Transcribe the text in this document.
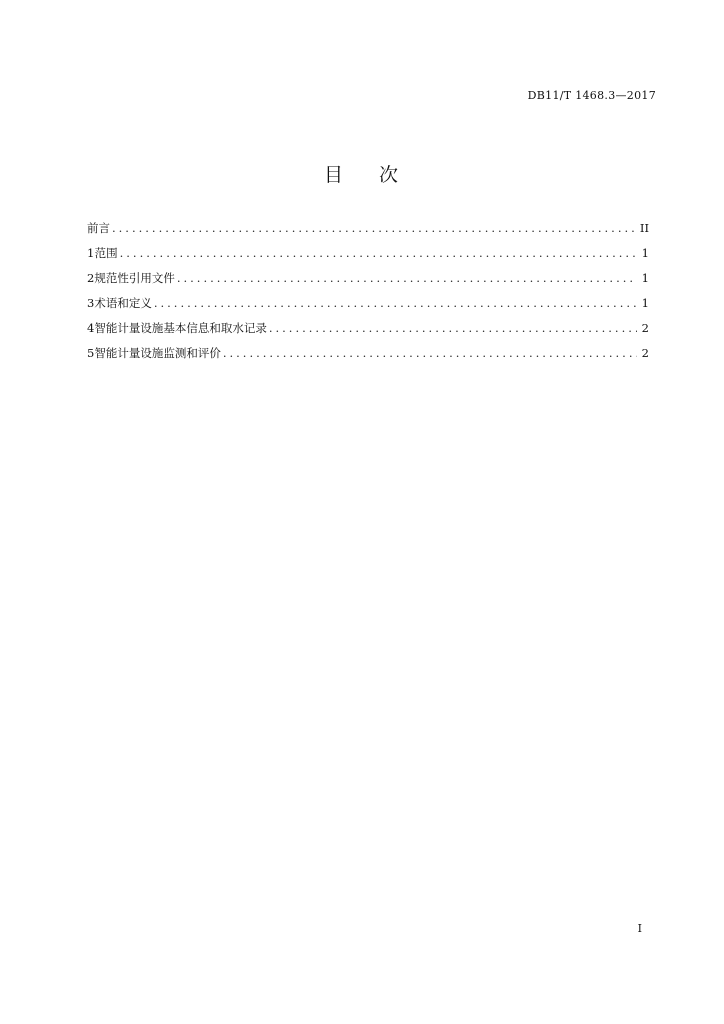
DB11/T 1468.3—2017
目 次
前言 .....	II
1 范围 .....	1
2 规范性引用文件 .....	1
3 术语和定义 .....	1
4 智能计量设施基本信息和取水记录 .....	2
5 智能计量设施监测和评价 .....	2
I
